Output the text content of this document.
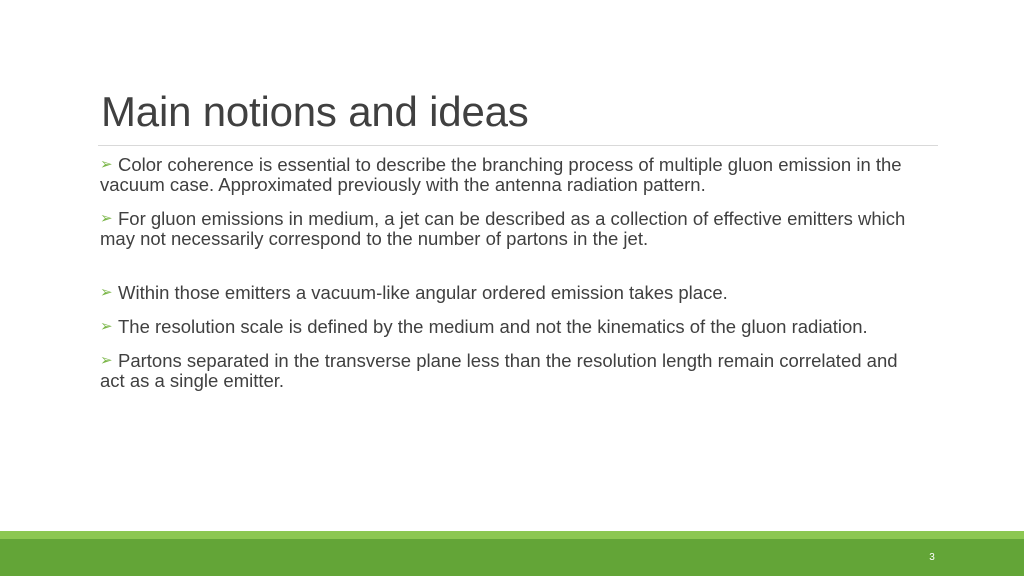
Main notions and ideas
➢ Color coherence is essential to describe the branching process of multiple gluon emission in the vacuum case. Approximated previously with the antenna radiation pattern.
➢ For gluon emissions in medium, a jet can be described as a collection of effective emitters which may not necessarily correspond to the number of partons in the jet.
➢ Within those emitters a vacuum-like angular ordered emission takes place.
➢ The resolution scale is defined by the medium and not the kinematics of the gluon radiation.
➢ Partons separated in the transverse plane less than the resolution length remain correlated and act as a single emitter.
3
